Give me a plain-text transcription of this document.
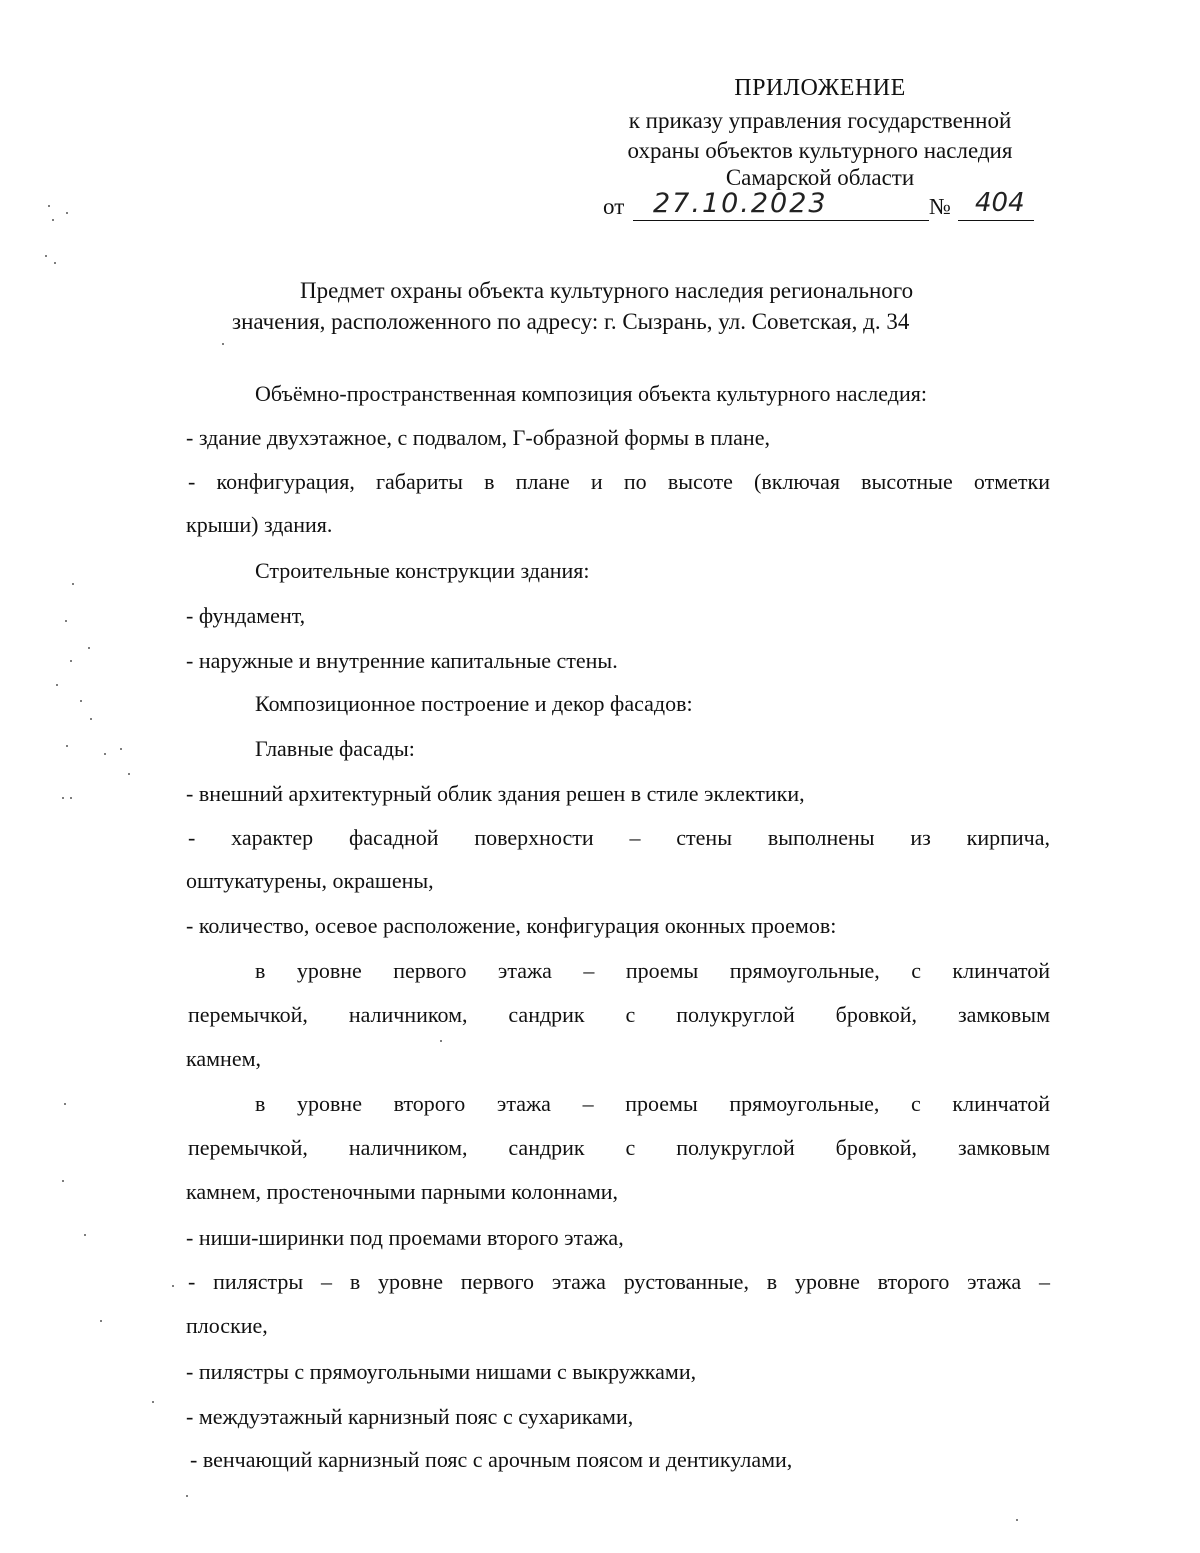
ПРИЛОЖЕНИЕ
к приказу управления государственной
охраны объектов культурного наследия
Самарской области
от 27.10.2023	№ 404
Предмет охраны объекта культурного наследия регионального
значения, расположенного по адресу: г. Сызрань, ул. Советская, д. 34
Объёмно-пространственная композиция объекта культурного наследия:
- здание двухэтажное, с подвалом, Г-образной формы в плане,
- конфигурация, габариты в плане и по высоте (включая высотные отметки
крыши) здания.
Строительные конструкции здания:
- фундамент,
- наружные и внутренние капитальные стены.
Композиционное построение и декор фасадов:
Главные фасады:
- внешний архитектурный облик здания решен в стиле эклектики,
- характер фасадной поверхности – стены выполнены из кирпича,
оштукатурены, окрашены,
- количество, осевое расположение, конфигурация оконных проемов:
в уровне первого этажа – проемы прямоугольные, с клинчатой
перемычкой, наличником, сандрик с полукруглой бровкой, замковым
камнем,
в уровне второго этажа – проемы прямоугольные, с клинчатой
перемычкой, наличником, сандрик с полукруглой бровкой, замковым
камнем, простеночными парными колоннами,
- ниши-ширинки под проемами второго этажа,
- пилястры – в уровне первого этажа рустованные, в уровне второго этажа –
плоские,
- пилястры с прямоугольными нишами с выкружками,
- междуэтажный карнизный пояс с сухариками,
- венчающий карнизный пояс с арочным поясом и дентикулами,
